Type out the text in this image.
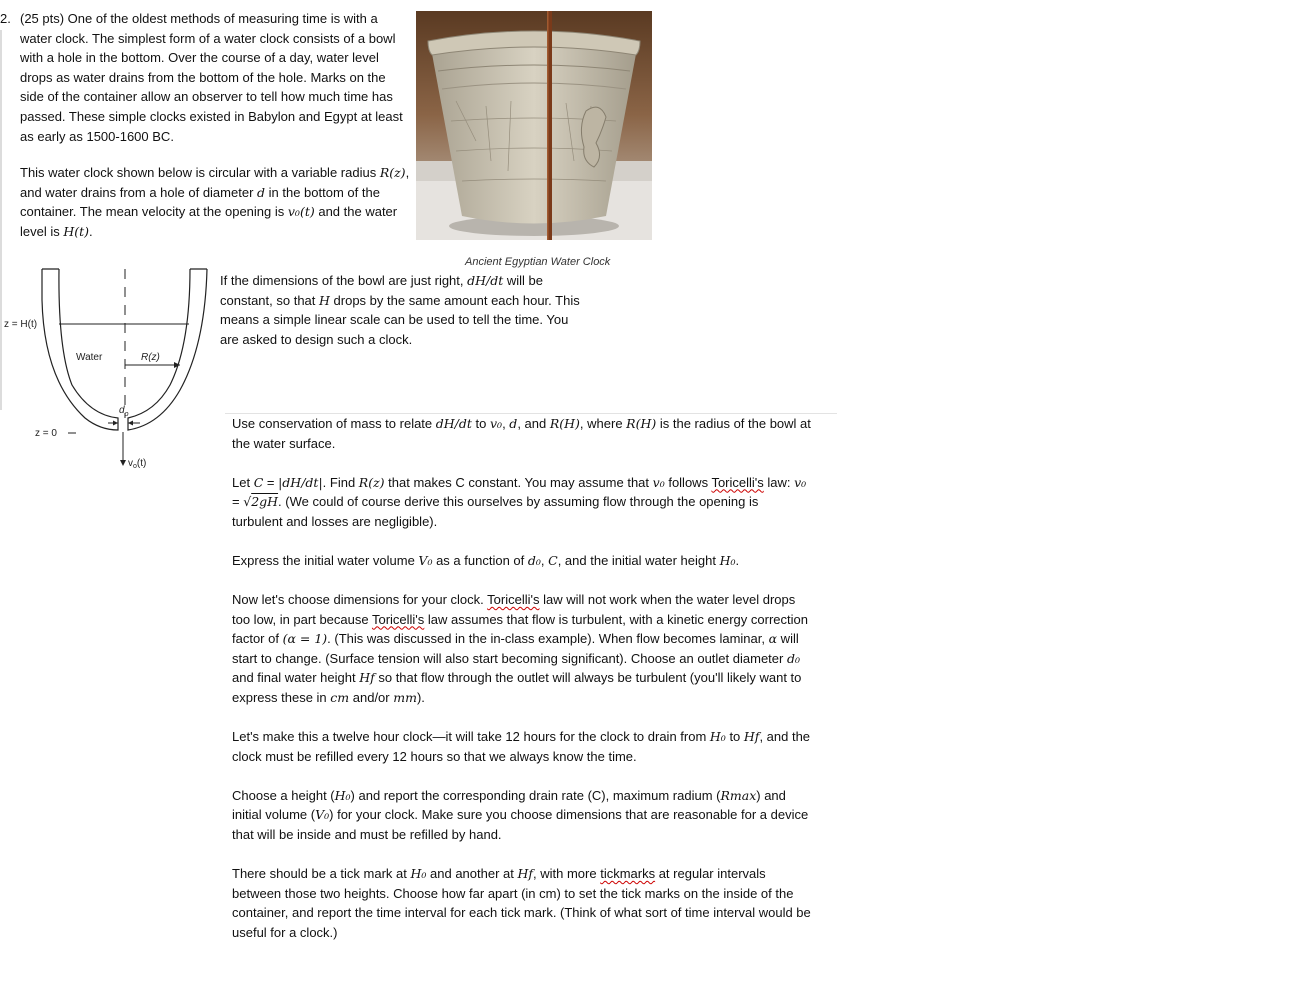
2. (25 pts) One of the oldest methods of measuring time is with a water clock. The simplest form of a water clock consists of a bowl with a hole in the bottom. Over the course of a day, water level drops as water drains from the bottom of the hole. Marks on the side of the container allow an observer to tell how much time has passed. These simple clocks existed in Babylon and Egypt at least as early as 1500-1600 BC.

This water clock shown below is circular with a variable radius R(z), and water drains from a hole of diameter d in the bottom of the container. The mean velocity at the opening is v₀(t) and the water level is H(t).

Ancient Egyptian Water Clock
z = H(t)
Water	R(z)
$d_o$
z = 0
$v_o(t)$

If the dimensions of the bowl are just right, dH/dt will be constant, so that H drops by the same amount each hour. This means a simple linear scale can be used to tell the time. You are asked to design such a clock.

Use conservation of mass to relate dH/dt to v₀, d, and R(H), where R(H) is the radius of the bowl at the water surface.

Let C = |dH/dt|. Find R(z) that makes C constant. You may assume that v₀ follows Toricelli's law: v₀ = √2gH. (We could of course derive this ourselves by assuming flow through the opening is turbulent and losses are negligible).

Express the initial water volume V₀ as a function of d₀, C, and the initial water height H₀.

Now let's choose dimensions for your clock. Toricelli's law will not work when the water level drops too low, in part because Toricelli's law assumes that flow is turbulent, with a kinetic energy correction factor of (α = 1). (This was discussed in the in-class example). When flow becomes laminar, α will start to change. (Surface tension will also start becoming significant). Choose an outlet diameter d₀ and final water height Hf so that flow through the outlet will always be turbulent (you'll likely want to express these in cm and/or mm).

Let's make this a twelve hour clock—it will take 12 hours for the clock to drain from H₀ to Hf, and the clock must be refilled every 12 hours so that we always know the time.

Choose a height (H₀) and report the corresponding drain rate (C), maximum radium (Rmax) and initial volume (V₀) for your clock. Make sure you choose dimensions that are reasonable for a device that will be inside and must be refilled by hand.

There should be a tick mark at H₀ and another at Hf, with more tickmarks at regular intervals between those two heights. Choose how far apart (in cm) to set the tick marks on the inside of the container, and report the time interval for each tick mark. (Think of what sort of time interval would be useful for a clock.)
